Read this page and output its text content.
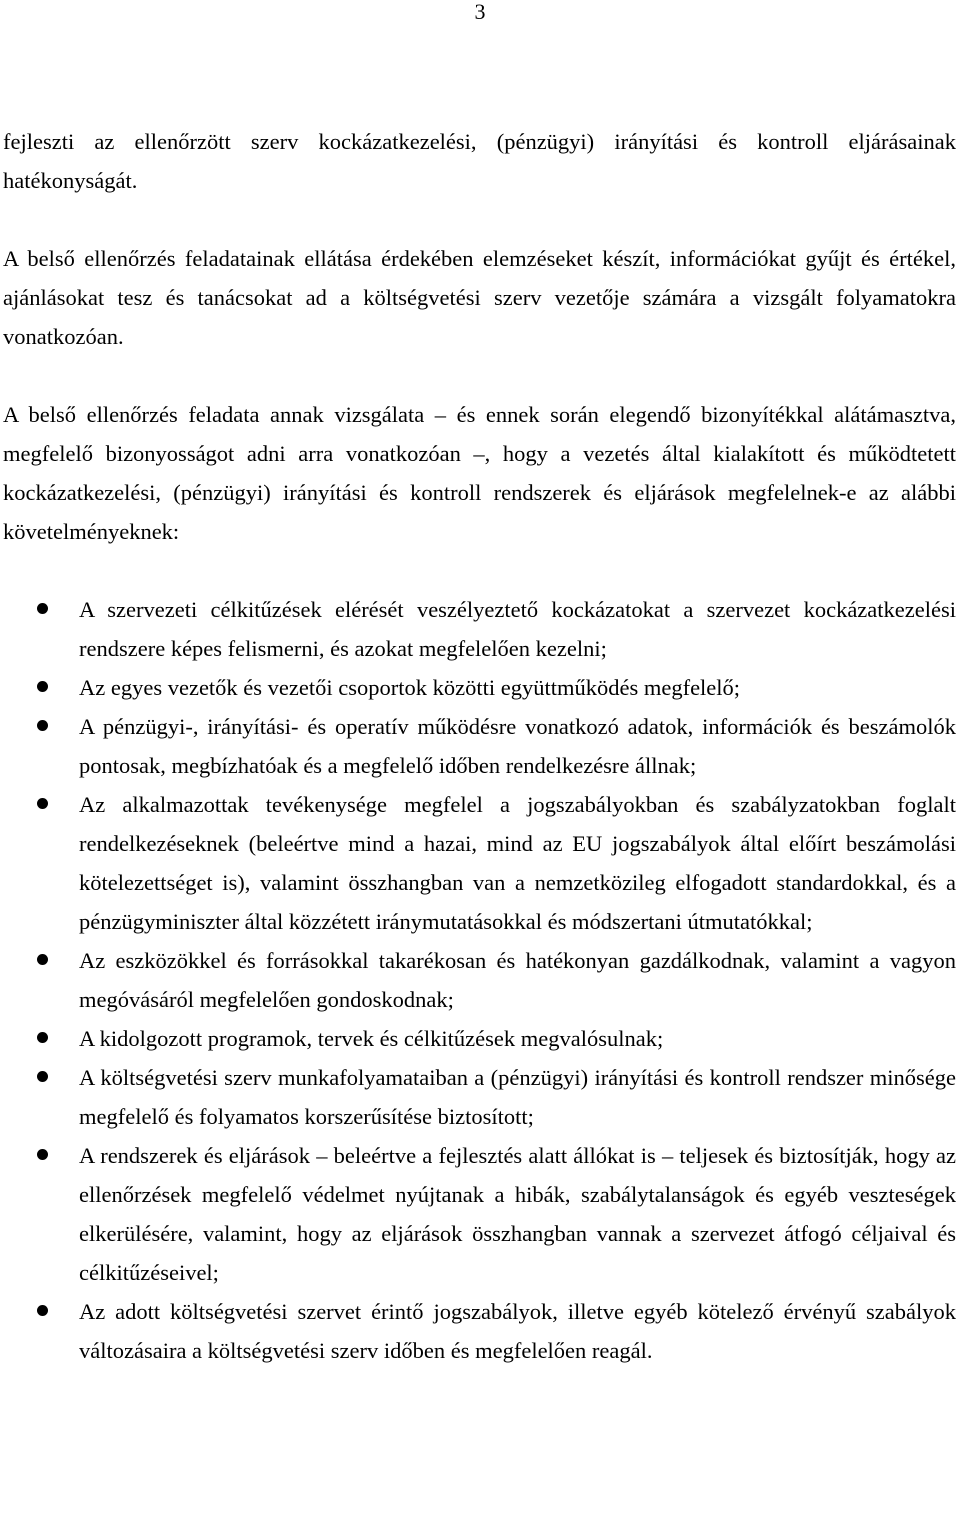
3

fejleszti az ellenőrzött szerv kockázatkezelési, (pénzügyi) irányítási és kontroll eljárásainak hatékonyságát.

A belső ellenőrzés feladatainak ellátása érdekében elemzéseket készít, információkat gyűjt és értékel, ajánlásokat tesz és tanácsokat ad a költségvetési szerv vezetője számára a vizsgált folyamatokra vonatkozóan.

A belső ellenőrzés feladata annak vizsgálata – és ennek során elegendő bizonyítékkal alátámasztva, megfelelő bizonyosságot adni arra vonatkozóan –, hogy a vezetés által kialakított és működtetett kockázatkezelési, (pénzügyi) irányítási és kontroll rendszerek és eljárások megfelelnek-e az alábbi követelményeknek:

A szervezeti célkitűzések elérését veszélyeztető kockázatokat a szervezet kockázatkezelési rendszere képes felismerni, és azokat megfelelően kezelni;
Az egyes vezetők és vezetői csoportok közötti együttműködés megfelelő;
A pénzügyi-, irányítási- és operatív működésre vonatkozó adatok, információk és beszámolók pontosak, megbízhatóak és a megfelelő időben rendelkezésre állnak;
Az alkalmazottak tevékenysége megfelel a jogszabályokban és szabályzatokban foglalt rendelkezéseknek (beleértve mind a hazai, mind az EU jogszabályok által előírt beszámolási kötelezettséget is), valamint összhangban van a nemzetközileg elfogadott standardokkal, és a pénzügyminiszter által közzétett iránymutatásokkal és módszertani útmutatókkal;
Az eszközökkel és forrásokkal takarékosan és hatékonyan gazdálkodnak, valamint a vagyon megóvásáról megfelelően gondoskodnak;
A kidolgozott programok, tervek és célkitűzések megvalósulnak;
A költségvetési szerv munkafolyamataiban a (pénzügyi) irányítási és kontroll rendszer minősége megfelelő és folyamatos korszerűsítése biztosított;
A rendszerek és eljárások – beleértve a fejlesztés alatt állókat is – teljesek és biztosítják, hogy az ellenőrzések megfelelő védelmet nyújtanak a hibák, szabálytalanságok és egyéb veszteségek elkerülésére, valamint, hogy az eljárások összhangban vannak a szervezet átfogó céljaival és célkitűzéseivel;
Az adott költségvetési szervet érintő jogszabályok, illetve egyéb kötelező érvényű szabályok változásaira a költségvetési szerv időben és megfelelően reagál.
